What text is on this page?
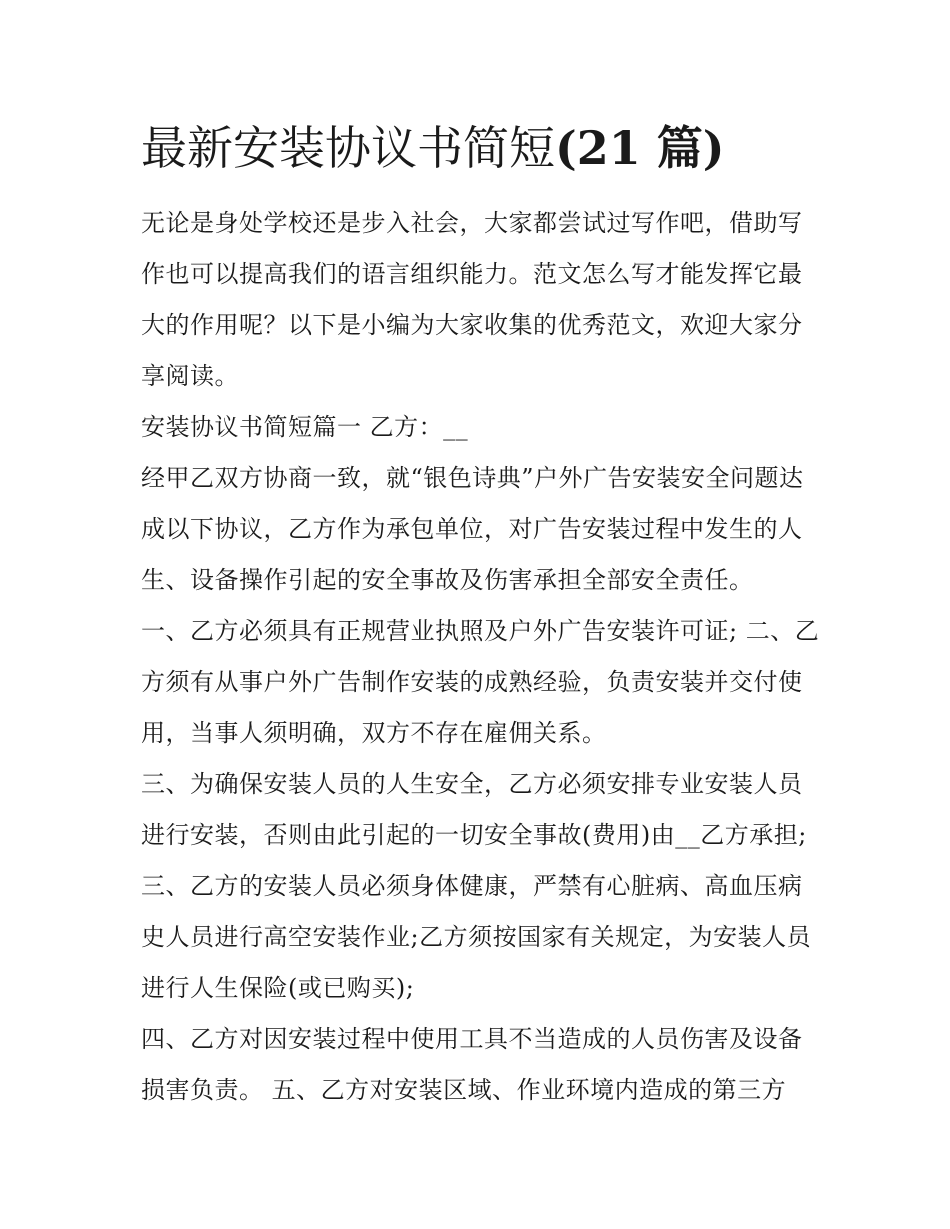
最新安装协议书简短(21 篇)

无论是身处学校还是步入社会，大家都尝试过写作吧，借助写作也可以提高我们的语言组织能力。范文怎么写才能发挥它最大的作用呢？以下是小编为大家收集的优秀范文，欢迎大家分享阅读。

安装协议书简短篇一 乙方：__

经甲乙双方协商一致，就“银色诗典”户外广告安装安全问题达成以下协议，乙方作为承包单位，对广告安装过程中发生的人生、设备操作引起的安全事故及伤害承担全部安全责任。

一、乙方必须具有正规营业执照及户外广告安装许可证; 二、乙方须有从事户外广告制作安装的成熟经验，负责安装并交付使用，当事人须明确，双方不存在雇佣关系。

三、为确保安装人员的人生安全，乙方必须安排专业安装人员进行安装，否则由此引起的一切安全事故(费用)由__乙方承担; 三、乙方的安装人员必须身体健康，严禁有心脏病、高血压病史人员进行高空安装作业;乙方须按国家有关规定，为安装人员进行人生保险(或已购买);

四、乙方对因安装过程中使用工具不当造成的人员伤害及设备损害负责。 五、乙方对安装区域、作业环境内造成的第三方
